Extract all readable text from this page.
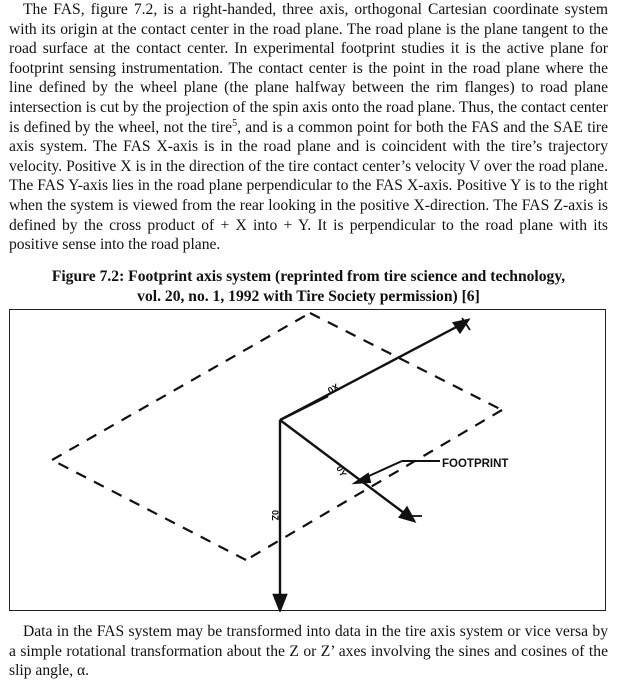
The FAS, figure 7.2, is a right-handed, three axis, orthogonal Cartesian coordinate system with its origin at the contact center in the road plane. The road plane is the plane tangent to the road surface at the contact center. In experimental footprint studies it is the active plane for footprint sensing instrumentation. The contact center is the point in the road plane where the line defined by the wheel plane (the plane halfway between the rim flanges) to road plane intersection is cut by the projection of the spin axis onto the road plane. Thus, the contact center is defined by the wheel, not the tire$^5$, and is a common point for both the FAS and the SAE tire axis system. The FAS X-axis is in the road plane and is coincident with the tire’s trajectory velocity. Positive X is in the direction of the tire contact center’s velocity V over the road plane. The FAS Y-axis lies in the road plane perpendicular to the FAS X-axis. Positive Y is to the right when the system is viewed from the rear looking in the positive X-direction. The FAS Z-axis is defined by the cross product of + X into + Y. It is perpendicular to the road plane with its positive sense into the road plane.

Figure 7.2: Footprint axis system (reprinted from tire science and technology,
vol. 20, no. 1, 1992 with Tire Society permission) [6]
FOOTPRINT
0X
0Y
0Z
Z

Data in the FAS system may be transformed into data in the tire axis system or vice versa by a simple rotational transformation about the Z or Z’ axes involving the sines and cosines of the slip angle, α.
